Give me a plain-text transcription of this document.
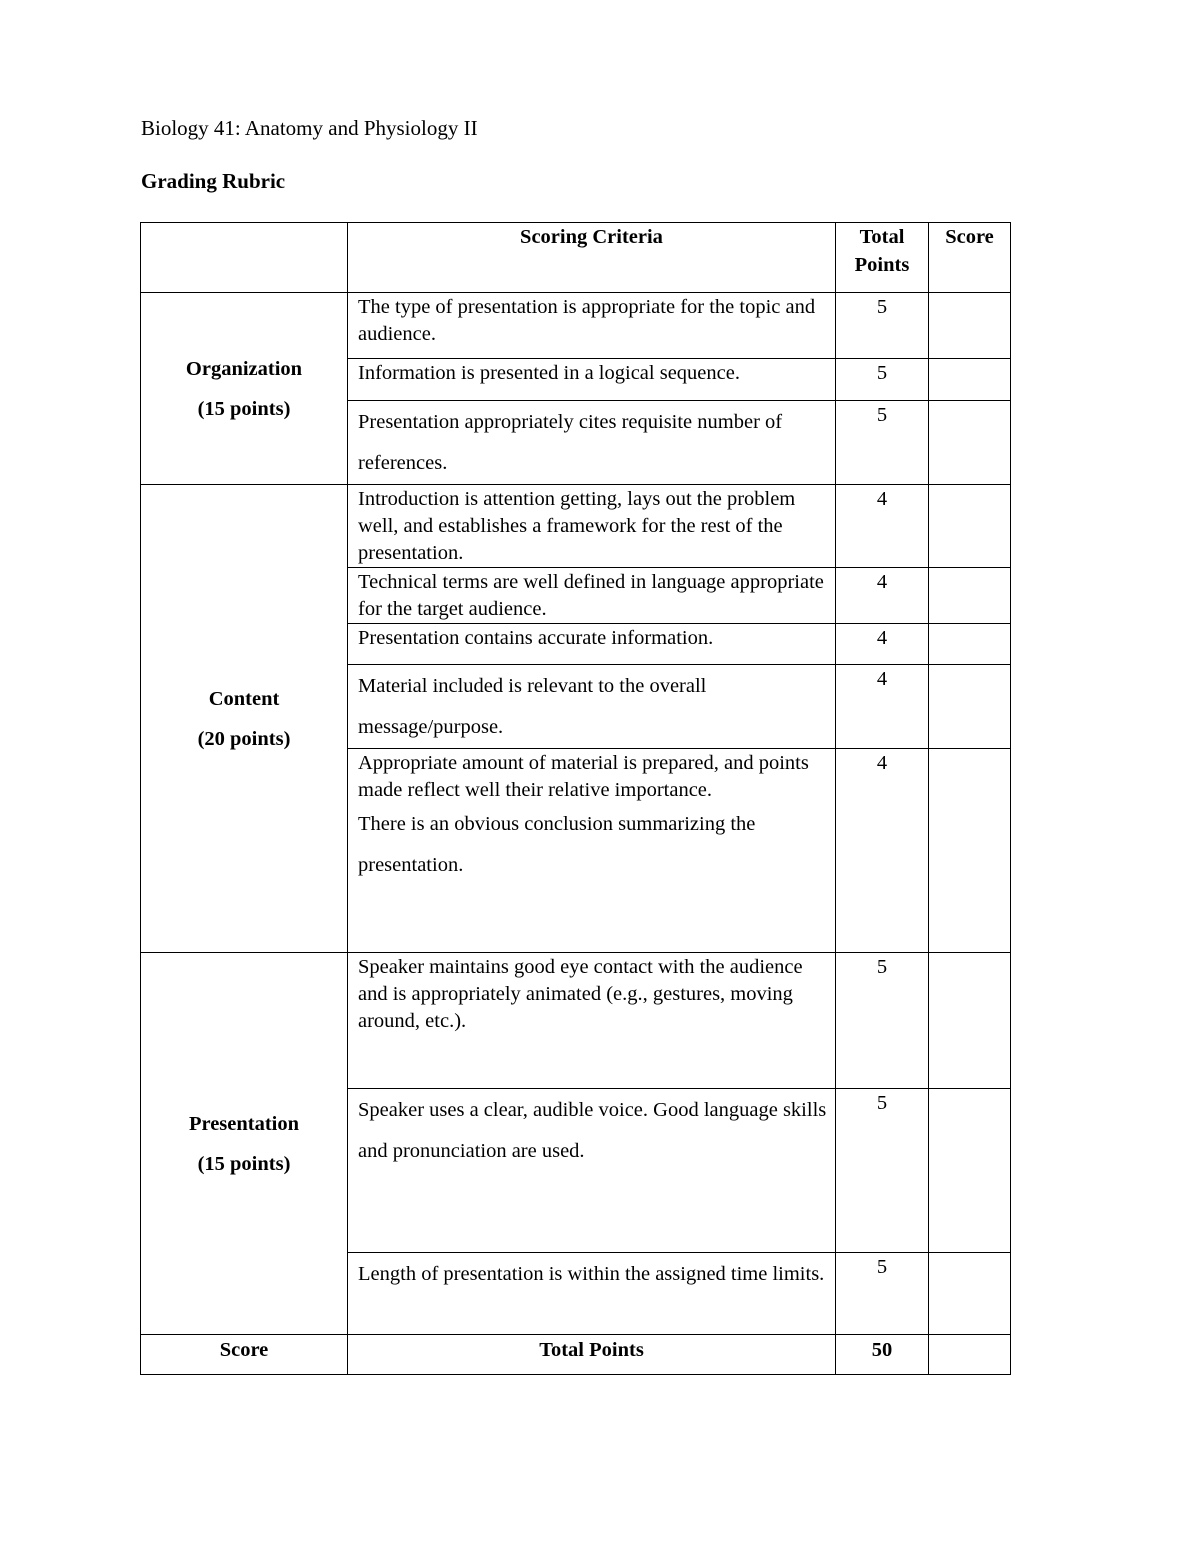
Biology 41: Anatomy and Physiology II
Grading Rubric
	Scoring Criteria	Total
Points	Score

Organization
(15 points)	The type of presentation is appropriate for the topic and audience.	5	
	Information is presented in a logical sequence.	5	
	Presentation appropriately cites requisite number of references.	5	

Content
(20 points)	Introduction is attention getting, lays out the problem well, and establishes a framework for the rest of the presentation.	4	
	Technical terms are well defined in language appropriate for the target audience.	4	
	Presentation contains accurate information.	4	
	Material included is relevant to the overall message/purpose.	4	

	Appropriate amount of material is prepared, and points made reflect well their relative importance.
There is an obvious conclusion summarizing the presentation.	4	

Presentation
(15 points)	Speaker maintains good eye contact with the audience and is appropriately animated (e.g., gestures, moving around, etc.).	5	
	Speaker uses a clear, audible voice. Good language skills and pronunciation are used.	5	
	Length of presentation is within the assigned time limits.	5	
Score	Total Points	50	
